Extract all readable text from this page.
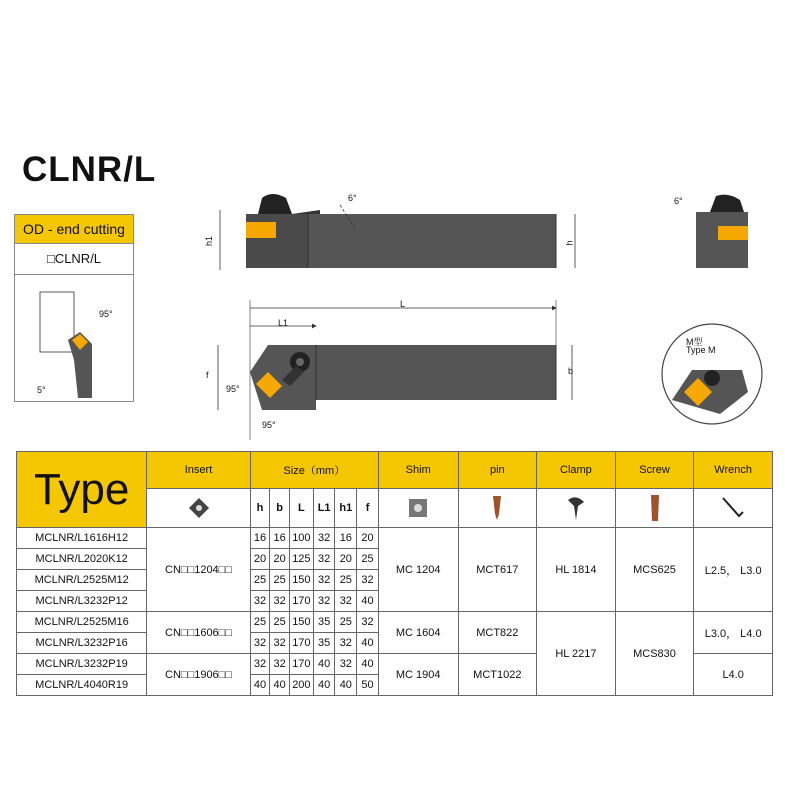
CLNR/L
6°
h1	h
6°
L
L1
f	b
95°
95°
M型
Type M
OD - end cutting
□CLNR/L
95°
5°
Type	Insert	Size（mm）						Shim	pin	Clamp	Screw	Wrench
	h	b	L	L1	h1	f					
MCLNR/L1616H12	CN□□1204□□	16	16	100	32	16	20	MC 1204	MCT617	HL 1814	MCS625	L2.5， L3.0
MCLNR/L2020K12		20	20	125	32	20	25					
MCLNR/L2525M12		25	25	150	32	25	32					
MCLNR/L3232P12		32	32	170	32	32	40					
MCLNR/L2525M16	CN□□1606□□	25	25	150	35	25	32	MC 1604	MCT822	HL 2217	MCS830	L3.0， L4.0
MCLNR/L3232P16		32	32	170	35	32	40					
MCLNR/L3232P19	CN□□1906□□	32	32	170	40	32	40	MC 1904	MCT1022			L4.0
MCLNR/L4040R19		40	40	200	40	40	50					
